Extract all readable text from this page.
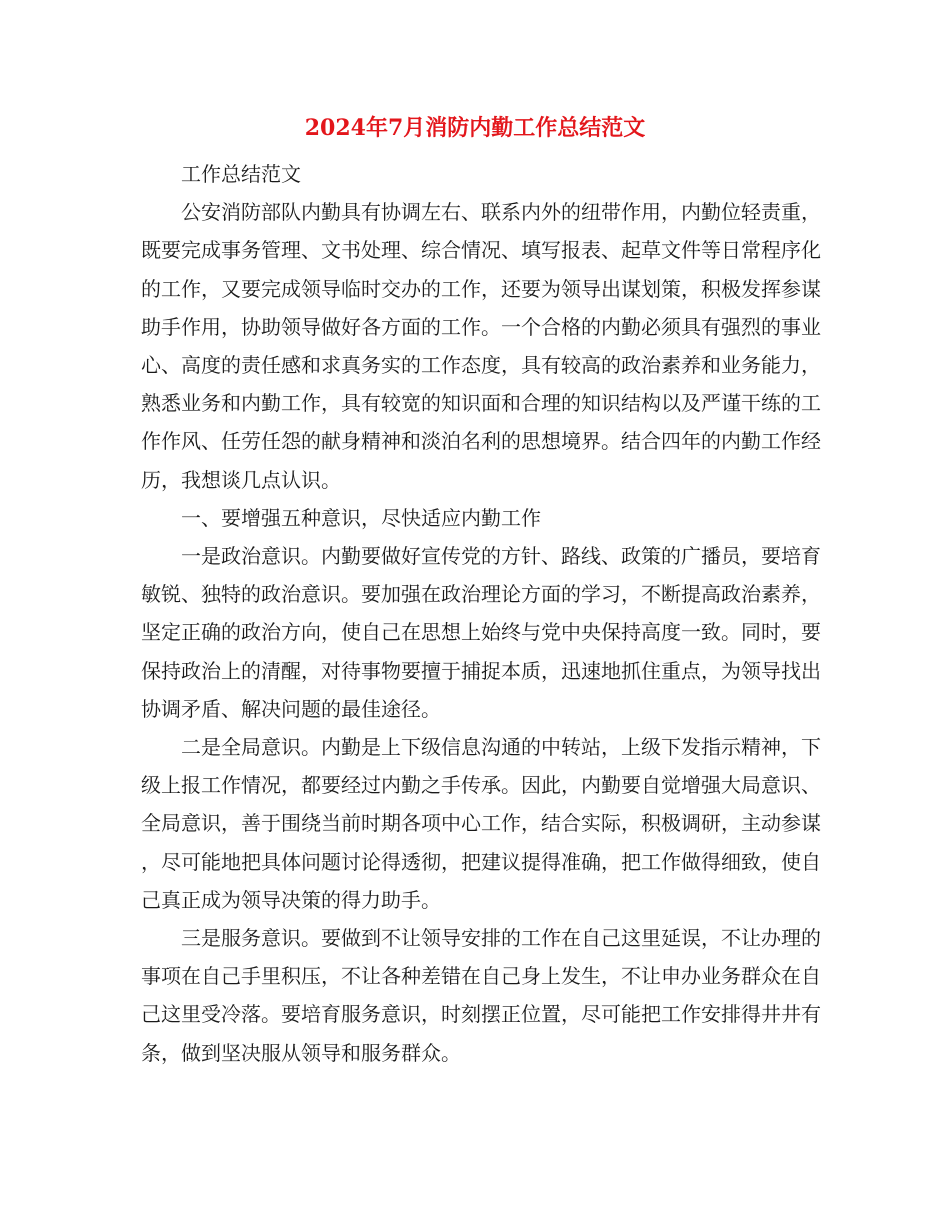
2024年7月消防内勤工作总结范文

工作总结范文

公安消防部队内勤具有协调左右、联系内外的纽带作用，内勤位轻责重，既要完成事务管理、文书处理、综合情况、填写报表、起草文件等日常程序化的工作，又要完成领导临时交办的工作，还要为领导出谋划策，积极发挥参谋助手作用，协助领导做好各方面的工作。一个合格的内勤必须具有强烈的事业心、高度的责任感和求真务实的工作态度，具有较高的政治素养和业务能力，熟悉业务和内勤工作，具有较宽的知识面和合理的知识结构以及严谨干练的工作作风、任劳任怨的献身精神和淡泊名利的思想境界。结合四年的内勤工作经历，我想谈几点认识。

一、要增强五种意识，尽快适应内勤工作

一是政治意识。内勤要做好宣传党的方针、路线、政策的广播员，要培育敏锐、独特的政治意识。要加强在政治理论方面的学习，不断提高政治素养，坚定正确的政治方向，使自己在思想上始终与党中央保持高度一致。同时，要保持政治上的清醒，对待事物要擅于捕捉本质，迅速地抓住重点，为领导找出协调矛盾、解决问题的最佳途径。

二是全局意识。内勤是上下级信息沟通的中转站，上级下发指示精神，下级上报工作情况，都要经过内勤之手传承。因此，内勤要自觉增强大局意识、全局意识，善于围绕当前时期各项中心工作，结合实际，积极调研，主动参谋，尽可能地把具体问题讨论得透彻，把建议提得准确，把工作做得细致，使自己真正成为领导决策的得力助手。

三是服务意识。要做到不让领导安排的工作在自己这里延误，不让办理的事项在自己手里积压，不让各种差错在自己身上发生，不让申办业务群众在自己这里受冷落。要培育服务意识，时刻摆正位置，尽可能把工作安排得井井有条，做到坚决服从领导和服务群众。
